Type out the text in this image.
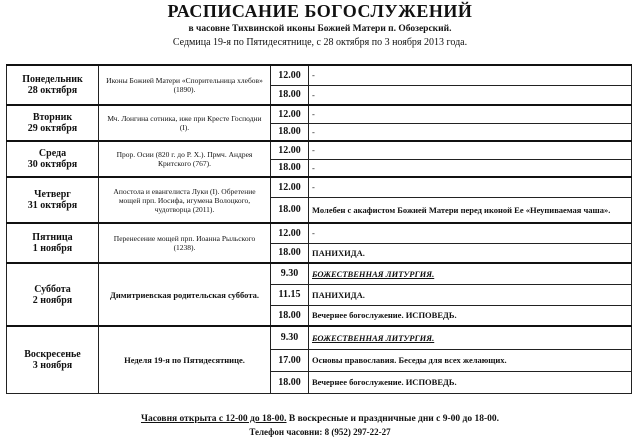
РАСПИСАНИЕ БОГОСЛУЖЕНИЙ
в часовне Тихвинской иконы Божией Матери п. Обозерский.
Седмица 19-я по Пятидесятнице, с 28 октября по 3 ноября 2013 года.
Понедельник
28 октября	Иконы Божией Матери «Спорительница хлебов» (1890).	12.00	-
		18.00	-

Вторник
29 октября	Мч. Лонгина сотника, иже при Кресте Господни (I).	12.00	-
		18.00	-

Среда
30 октября	Прор. Осии (820 г. до Р. Х.). Прмч. Андрея Критского (767).	12.00	-
		18.00	-

Четверг
31 октября	Апостола и евангелиста Луки (I). Обретение мощей прп. Иосифа, игумена Волоцкого, чудотворца (2011).	12.00	-
		18.00	Молебен с акафистом Божией Матери перед иконой Ее «Неупиваемая чаша».

Пятница
1 ноября	Перенесение мощей прп. Иоанна Рыльского (1238).	12.00	-
		18.00	ПАНИХИДА.

Суббота
2 ноября	Димитриевская родительская суббота.	9.30	БОЖЕСТВЕННАЯ ЛИТУРГИЯ.
		11.15	ПАНИХИДА.
		18.00	Вечернее богослужение. ИСПОВЕДЬ.

Воскресенье
3 ноября	Неделя 19-я по Пятидесятнице.	9.30	БОЖЕСТВЕННАЯ ЛИТУРГИЯ.
		17.00	Основы православия. Беседы для всех желающих.
		18.00	Вечернее богослужение. ИСПОВЕДЬ.
Часовня открыта с 12-00 до 18-00. В воскресные и праздничные дни с 9-00 до 18-00.
Телефон часовни: 8 (952) 297-22-27
